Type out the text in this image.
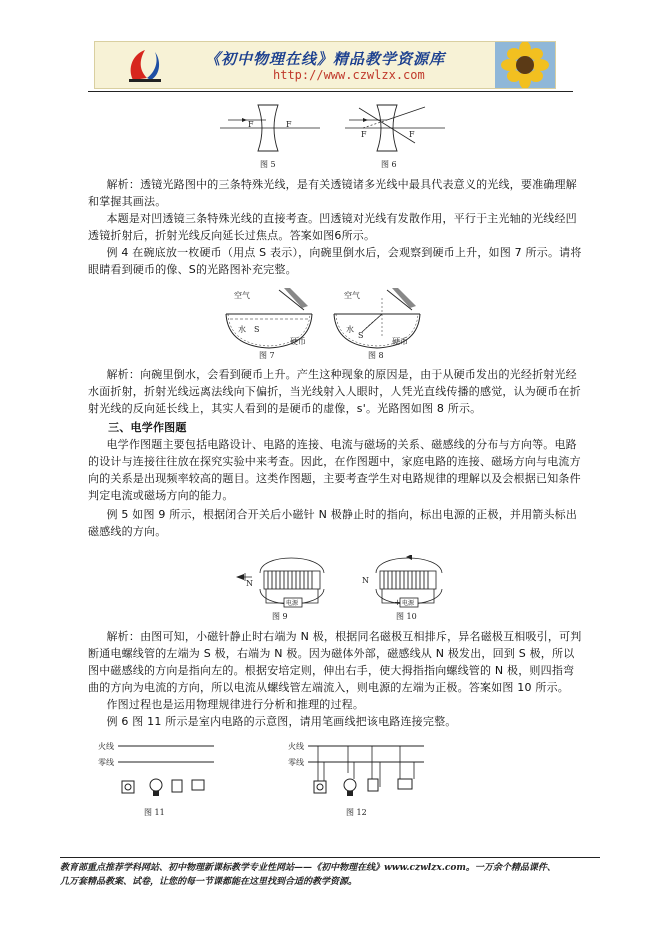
《初中物理在线》精品教学资源库
http://www.czwlzx.com
F	F
图 5
F	F
图 6
解析：透镜光路图中的三条特殊光线，是有关透镜诸多光线中最具代表意义的光线，要准确理解和掌握其画法。
本题是对凹透镜三条特殊光线的直接考查。凹透镜对光线有发散作用，平行于主光轴的光线经凹透镜折射后，折射光线反向延长过焦点。答案如图6所示。
例 4 在碗底放一枚硬币（用点 S 表示），向碗里倒水后，会观察到硬币上升，如图 7 所示。请将眼睛看到硬币的像、S的光路图补充完整。
空气
水 S
硬币
图 7
空气
水
S
硬币
图 8
解析：向碗里倒水，会看到硬币上升。产生这种现象的原因是，由于从硬币发出的光经折射光经水面折射，折射光线远离法线向下偏折，当光线射入人眼时，人凭光直线传播的感觉，认为硬币在折射光线的反向延长线上，其实人看到的是硬币的虚像，s'。光路图如图 8 所示。
三、电学作图题
电学作图题主要包括电路设计、电路的连接、电流与磁场的关系、磁感线的分布与方向等。电路的设计与连接往往放在探究实验中来考查。因此，在作图题中，家庭电路的连接、磁场方向与电流方向的关系是出现频率较高的题目。这类作图题，主要考查学生对电路规律的理解以及会根据已知条件判定电流或磁场方向的能力。
例 5 如图 9 所示，根据闭合开关后小磁针 N 极静止时的指向，标出电源的正极，并用箭头标出磁感线的方向。
N
电源
图 9
N
电源
+ -
图 10
解析：由图可知，小磁针静止时右端为 N 极，根据同名磁极互相排斥，异名磁极互相吸引，可判断通电螺线管的左端为 S 极，右端为 N 极。因为磁体外部，磁感线从 N 极发出，回到 S 极，所以图中磁感线的方向是指向左的。根据安培定则，伸出右手，使大拇指指向螺线管的 N 极，则四指弯曲的方向为电流的方向，所以电流从螺线管左端流入，则电源的左端为正极。答案如图 10 所示。
作图过程也是运用物理规律进行分析和推理的过程。
例 6 图 11 所示是室内电路的示意图，请用笔画线把该电路连接完整。
火线
零线
图 11
火线
零线
图 12
教育部重点推荐学科网站、初中物理新课标教学专业性网站——《初中物理在线》www.czwlzx.com。一万余个精品课件、
几万套精品教案、试卷，让您的每一节课都能在这里找到合适的教学资源。
